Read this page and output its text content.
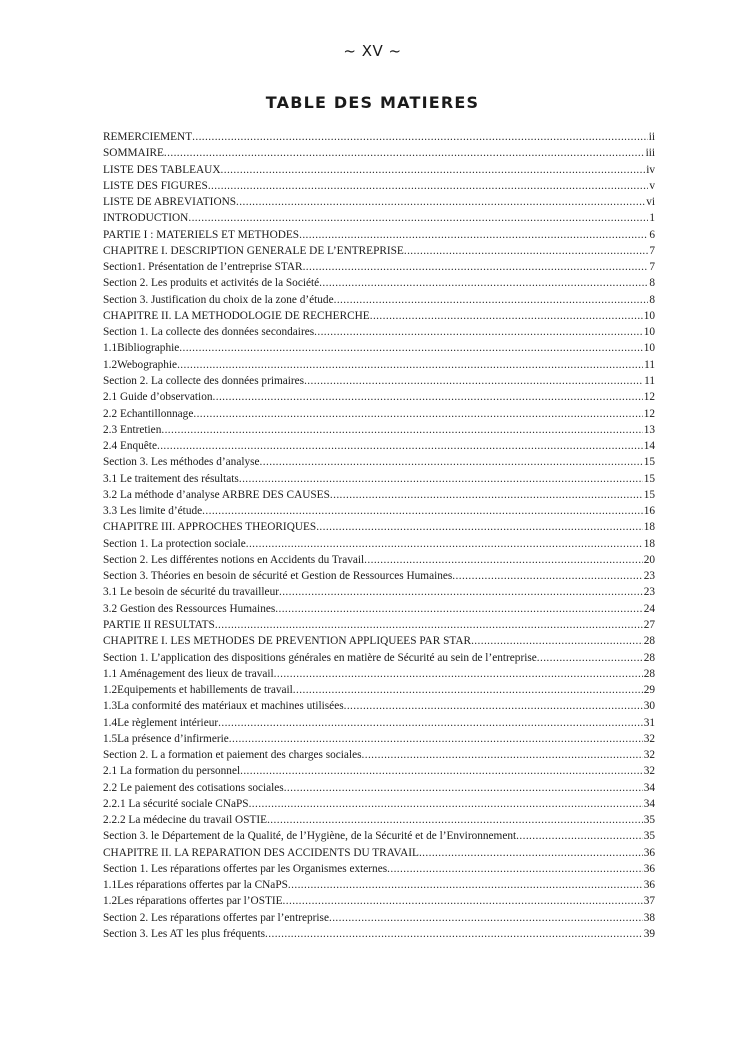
~ XV ~
TABLE DES MATIERES
REMERCIEMENT .....	ii
SOMMAIRE .....	iii
LISTE DES TABLEAUX .....	iv
LISTE DES FIGURES .....	v
LISTE DE ABREVIATIONS .....	vi
INTRODUCTION .....	1
PARTIE I : MATERIELS ET METHODES .....	6
CHAPITRE I. DESCRIPTION GENERALE DE L’ENTREPRISE .....	7
Section1. Présentation de l’entreprise STAR .....	7
Section 2. Les produits et activités de la Société .....	8
Section 3. Justification du choix de la zone d’étude .....	8
CHAPITRE II. LA METHODOLOGIE DE RECHERCHE .....	10
Section 1. La collecte des données secondaires .....	10
1.1Bibliographie .....	10
1.2Webographie .....	11
Section 2. La collecte des données primaires .....	11
2.1 Guide d’observation .....	12
2.2 Echantillonnage .....	12
2.3 Entretien .....	13
2.4 Enquête .....	14
Section 3. Les méthodes d’analyse .....	15
3.1 Le traitement des résultats .....	15
3.2 La méthode d’analyse ARBRE DES CAUSES .....	15
3.3 Les limite d’étude .....	16
CHAPITRE III. APPROCHES THEORIQUES .....	18
Section 1. La protection sociale .....	18
Section 2. Les différentes notions en Accidents du Travail .....	20
Section 3. Théories en besoin de sécurité et Gestion de Ressources Humaines .....	23
3.1 Le besoin de sécurité du travailleur .....	23
3.2 Gestion des Ressources Humaines .....	24
PARTIE II RESULTATS .....	27
CHAPITRE I. LES METHODES DE PREVENTION APPLIQUEES PAR STAR .....	28
Section 1. L’application des dispositions générales en matière de Sécurité au sein de l’entreprise .....	28
1.1 Aménagement des lieux de travail .....	28
1.2Equipements et habillements de travail .....	29
1.3La conformité des matériaux et machines utilisées .....	30
1.4Le règlement intérieur .....	31
1.5La présence d’infirmerie .....	32
Section 2. L a formation et paiement des charges sociales .....	32
2.1 La formation du personnel .....	32
2.2 Le paiement des cotisations sociales .....	34
2.2.1 La sécurité sociale CNaPS .....	34
2.2.2 La médecine du travail OSTIE .....	35
Section 3. le Département de la Qualité, de l’Hygiène, de la Sécurité et de l’Environnement .....	35
CHAPITRE II. LA REPARATION DES ACCIDENTS DU TRAVAIL .....	36
Section 1. Les réparations offertes par les Organismes externes .....	36
1.1Les réparations offertes par la CNaPS .....	36
1.2Les réparations offertes par l’OSTIE .....	37
Section 2. Les réparations offertes par l’entreprise .....	38
Section 3. Les AT les plus fréquents .....	39
